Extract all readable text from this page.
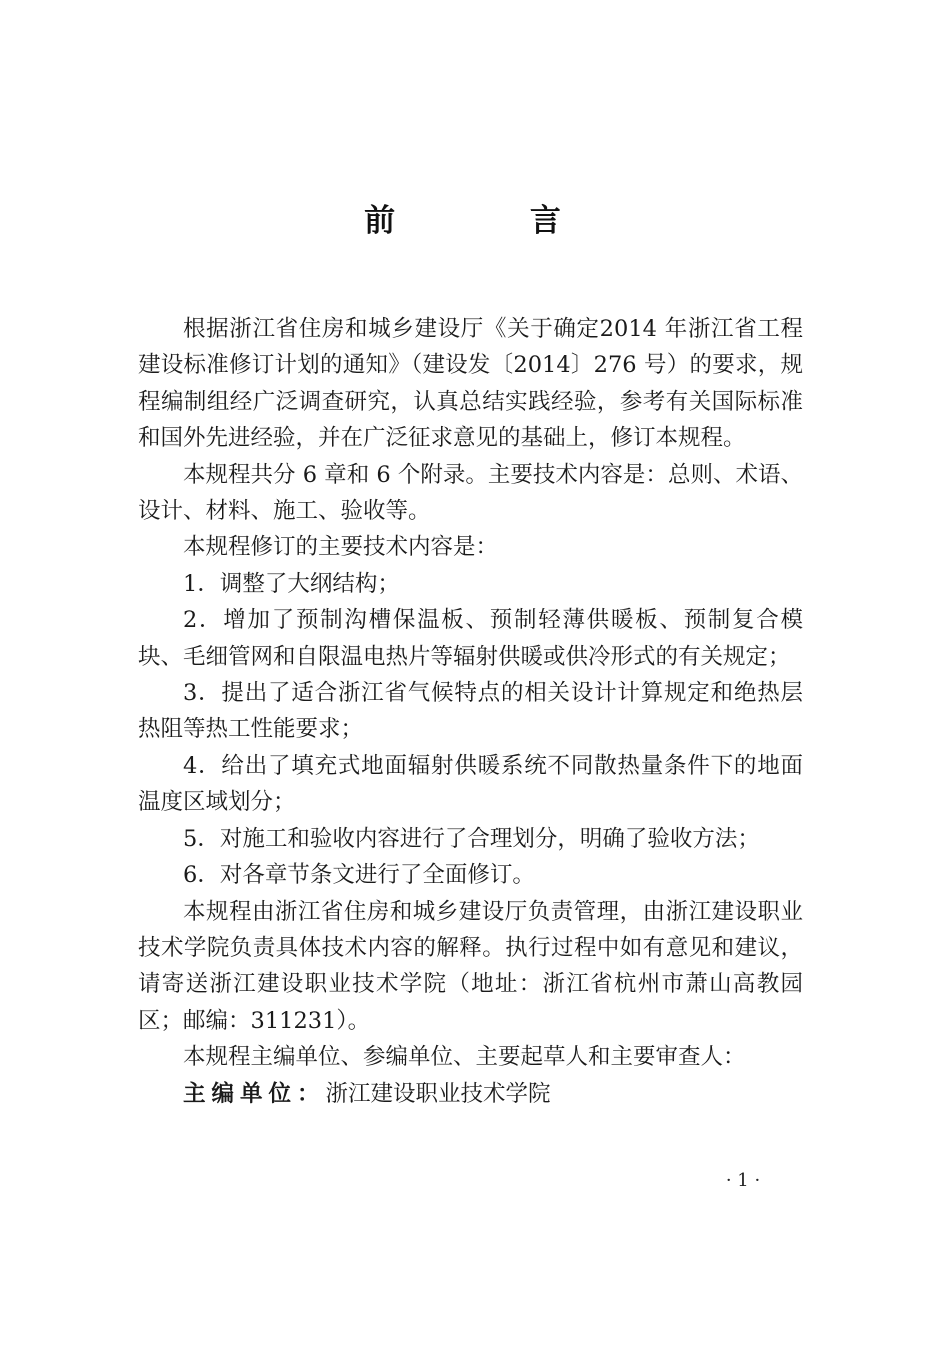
前 言

根据浙江省住房和城乡建设厅《关于确定2014 年浙江省工程建设标准修订计划的通知》（建设发〔2014〕276 号）的要求，规程编制组经广泛调查研究，认真总结实践经验，参考有关国际标准和国外先进经验，并在广泛征求意见的基础上，修订本规程。

本规程共分 6 章和 6 个附录。主要技术内容是：总则、术语、设计、材料、施工、验收等。

本规程修订的主要技术内容是：

1．调整了大纲结构；

2．增加了预制沟槽保温板、预制轻薄供暖板、预制复合模块、毛细管网和自限温电热片等辐射供暖或供冷形式的有关规定；

3．提出了适合浙江省气候特点的相关设计计算规定和绝热层热阻等热工性能要求；

4．给出了填充式地面辐射供暖系统不同散热量条件下的地面温度区域划分；

5．对施工和验收内容进行了合理划分，明确了验收方法；

6．对各章节条文进行了全面修订。

本规程由浙江省住房和城乡建设厅负责管理，由浙江建设职业技术学院负责具体技术内容的解释。执行过程中如有意见和建议，请寄送浙江建设职业技术学院（地址：浙江省杭州市萧山高教园区；邮编：311231）。

本规程主编单位、参编单位、主要起草人和主要审查人：

主编单位：浙江建设职业技术学院

· 1 ·
